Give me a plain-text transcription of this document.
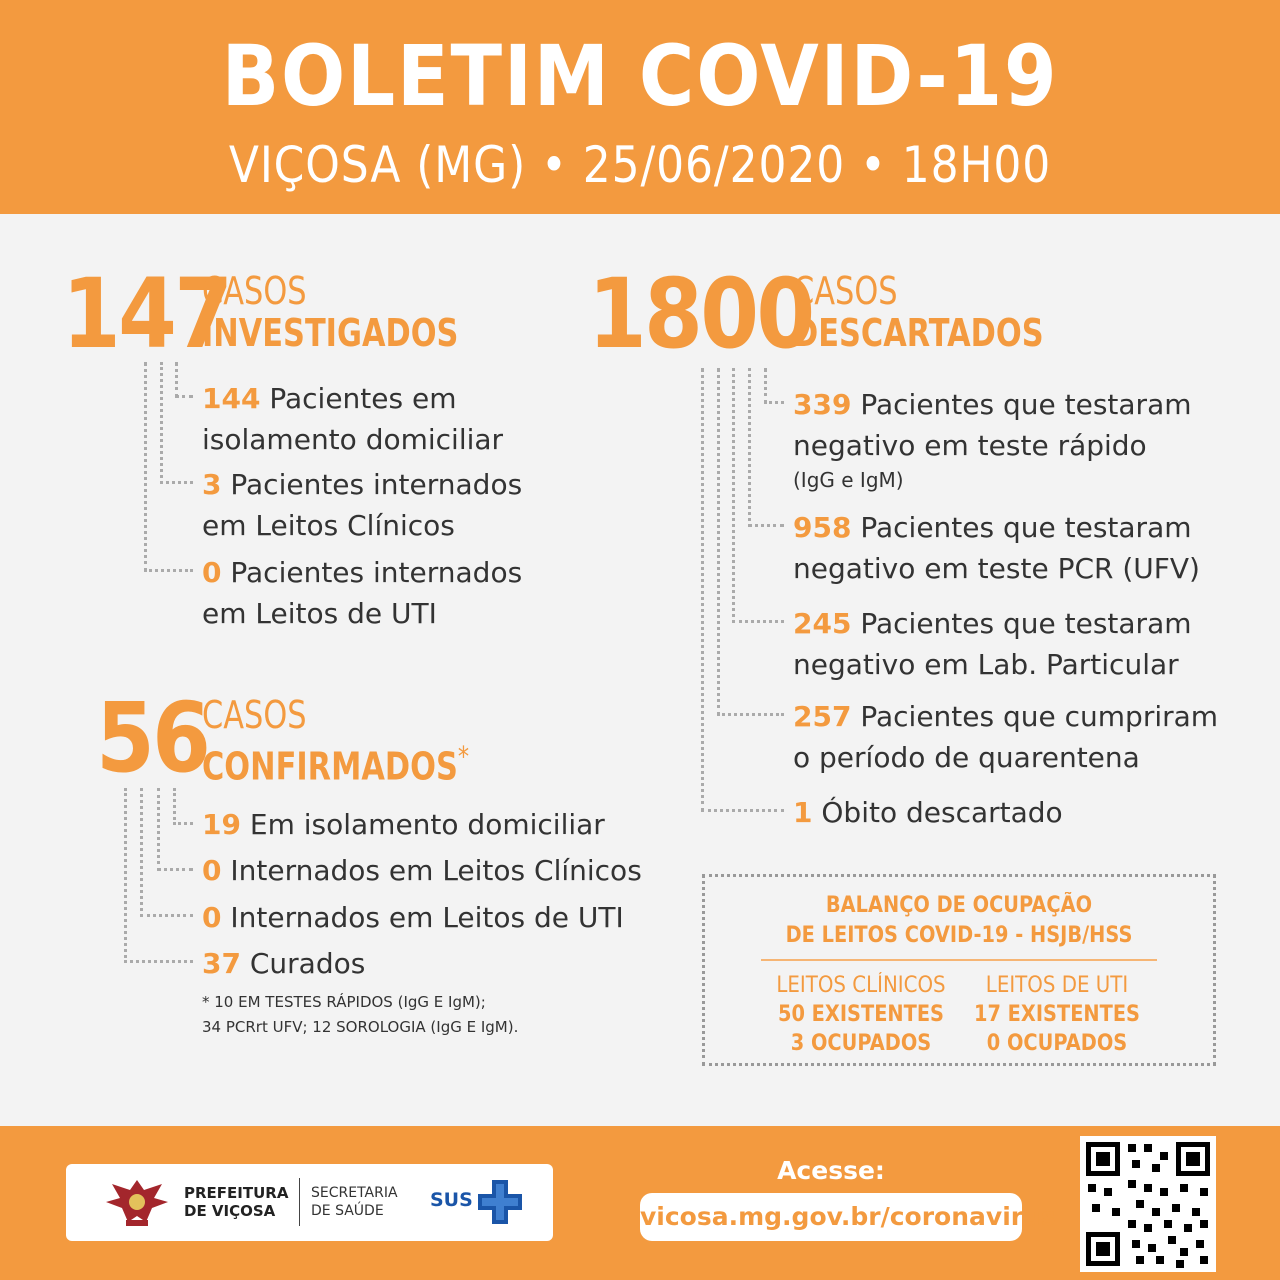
BOLETIM COVID-19
VIÇOSA (MG) • 25/06/2020 • 18H00
147
CASOS
INVESTIGADOS
144 Pacientes em
isolamento domiciliar
3 Pacientes internados
em Leitos Clínicos
0 Pacientes internados
em Leitos de UTI
56
CASOS
CONFIRMADOS*
19 Em isolamento domiciliar
0 Internados em Leitos Clínicos
0 Internados em Leitos de UTI
37 Curados
* 10 EM TESTES RÁPIDOS (IgG E IgM);
34 PCRrt UFV; 12 SOROLOGIA (IgG E IgM).
1800
CASOS
DESCARTADOS
339 Pacientes que testaram
negativo em teste rápido
(IgG e IgM)
958 Pacientes que testaram
negativo em teste PCR (UFV)
245 Pacientes que testaram
negativo em Lab. Particular
257 Pacientes que cumpriram
o período de quarentena
1 Óbito descartado
BALANÇO DE OCUPAÇÃO
DE LEITOS COVID-19 - HSJB/HSS
LEITOS CLÍNICOS
50 EXISTENTES
3 OCUPADOS
LEITOS DE UTI
17 EXISTENTES
0 OCUPADOS
PREFEITURA
DE VIÇOSA
SECRETARIA
DE SAÚDE	SUS
Acesse:
vicosa.mg.gov.br/coronavirus
